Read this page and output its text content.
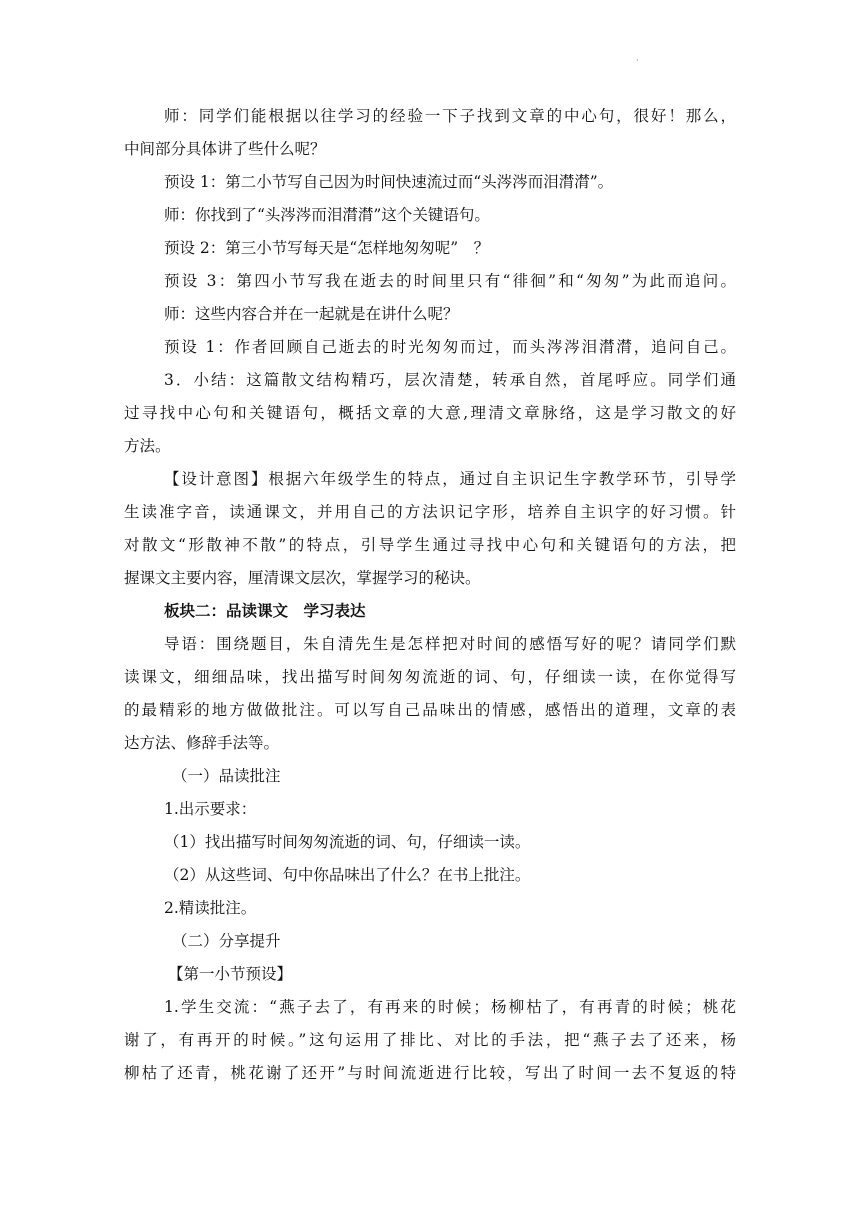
·
师：同学们能根据以往学习的经验一下子找到文章的中心句，很好！那么，
中间部分具体讲了些什么呢？
预设 1：第二小节写自己因为时间快速流过而“头涔涔而泪潸潸”。
师：你找到了“头涔涔而泪潸潸”这个关键语句。
预设 2：第三小节写每天是“怎样地匆匆呢”　？
预设 3：第四小节写我在逝去的时间里只有“徘徊”和“匆匆”为此而追问。
师：这些内容合并在一起就是在讲什么呢？
预设 1：作者回顾自己逝去的时光匆匆而过，而头涔涔泪潸潸，追问自己。
3．小结：这篇散文结构精巧，层次清楚，转承自然，首尾呼应。同学们通
过寻找中心句和关键语句，概括文章的大意,理清文章脉络，这是学习散文的好
方法。
【设计意图】根据六年级学生的特点，通过自主识记生字教学环节，引导学
生读准字音，读通课文，并用自己的方法识记字形，培养自主识字的好习惯。针
对散文“形散神不散”的特点，引导学生通过寻找中心句和关键语句的方法，把
握课文主要内容，厘清课文层次，掌握学习的秘诀。
板块二：品读课文　学习表达
导语：围绕题目，朱自清先生是怎样把对时间的感悟写好的呢？请同学们默
读课文，细细品味，找出描写时间匆匆流逝的词、句，仔细读一读，在你觉得写
的最精彩的地方做做批注。可以写自己品味出的情感，感悟出的道理，文章的表
达方法、修辞手法等。
（一）品读批注
1.出示要求：
（1）找出描写时间匆匆流逝的词、句，仔细读一读。
（2）从这些词、句中你品味出了什么？在书上批注。
2.精读批注。
（二）分享提升
【第一小节预设】
1.学生交流：“燕子去了，有再来的时候；杨柳枯了，有再青的时候；桃花
谢了，有再开的时候。”这句运用了排比、对比的手法，把“燕子去了还来，杨
柳枯了还青，桃花谢了还开”与时间流逝进行比较，写出了时间一去不复返的特
